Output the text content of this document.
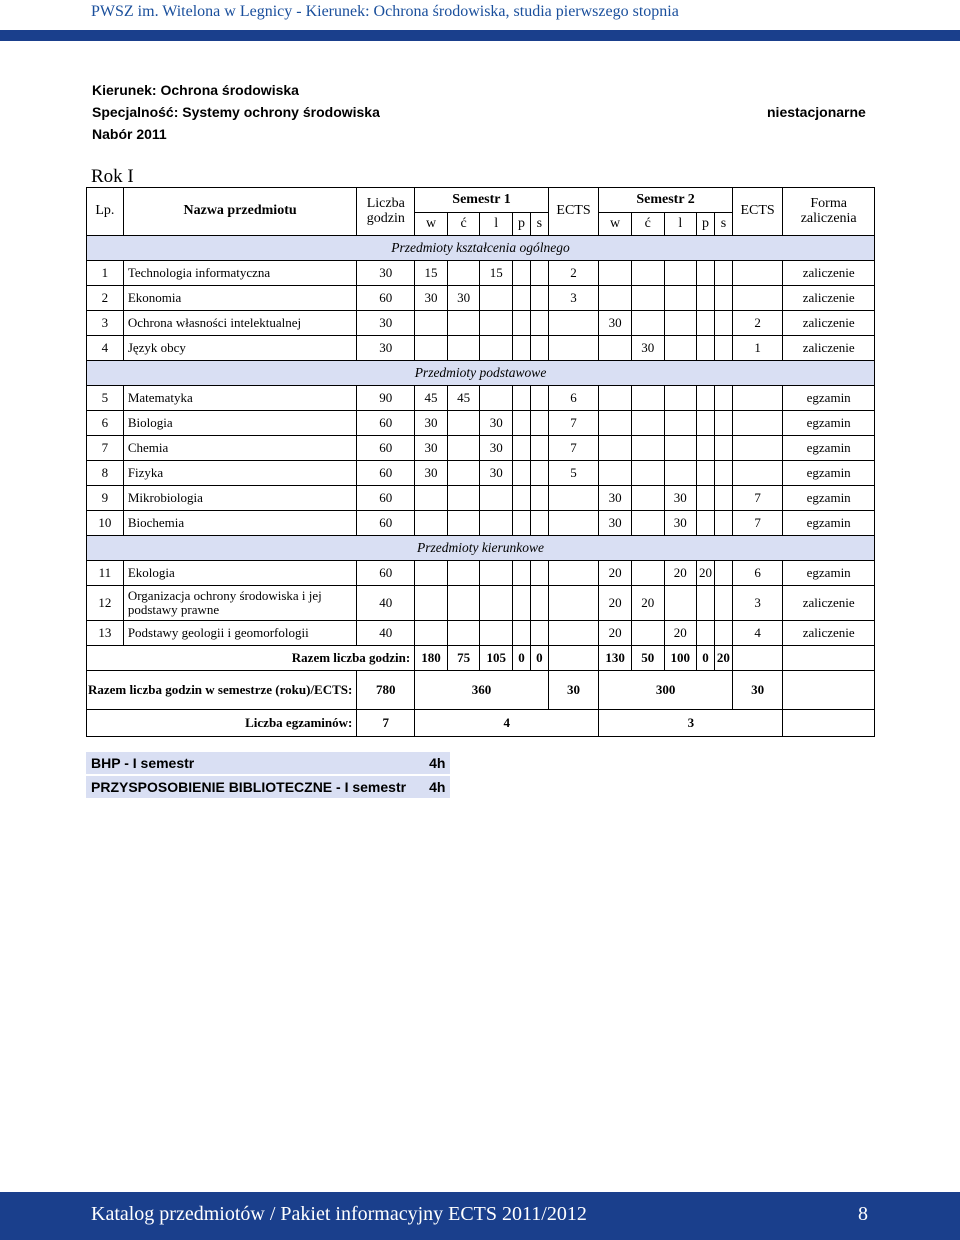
PWSZ im. Witelona w Legnicy - Kierunek: Ochrona środowiska, studia pierwszego stopnia
Kierunek: Ochrona środowiska
Specjalność: Systemy ochrony środowiska
Nabór 2011
niestacjonarne
Rok I
Lp.	Nazwa przedmiotu	Liczba godzin	Semestr 1					ECTS	Semestr 2					ECTS	Forma zaliczenia
			w	ć	l	p	s		w	ć	l	p	s		
Przedmioty kształcenia ogólnego															
1	Technologia informatyczna	30	15		15			2							zaliczenie
2	Ekonomia	60	30	30				3							zaliczenie
3	Ochrona własności intelektualnej	30							30					2	zaliczenie
4	Język obcy	30								30				1	zaliczenie
Przedmioty podstawowe															
5	Matematyka	90	45	45				6							egzamin
6	Biologia	60	30		30			7							egzamin
7	Chemia	60	30		30			7							egzamin
8	Fizyka	60	30		30			5							egzamin
9	Mikrobiologia	60							30		30			7	egzamin
10	Biochemia	60							30		30			7	egzamin
Przedmioty kierunkowe															
11	Ekologia	60							20		20	20		6	egzamin
12	Organizacja ochrony środowiska i jej podstawy prawne	40							20	20				3	zaliczenie
13	Podstawy geologii i geomorfologii	40							20		20			4	zaliczenie
Razem liczba godzin:			180	75	105	0	0		130	50	100	0	20		
Razem liczba godzin w semestrze (roku)/ECTS:		780	360					30	300					30	
Liczba egzaminów:		7	4						3						
BHP - I semestr	4h
PRZYSPOSOBIENIE BIBLIOTECZNE - I semestr	4h
Katalog przedmiotów / Pakiet informacyjny ECTS 2011/2012	8
